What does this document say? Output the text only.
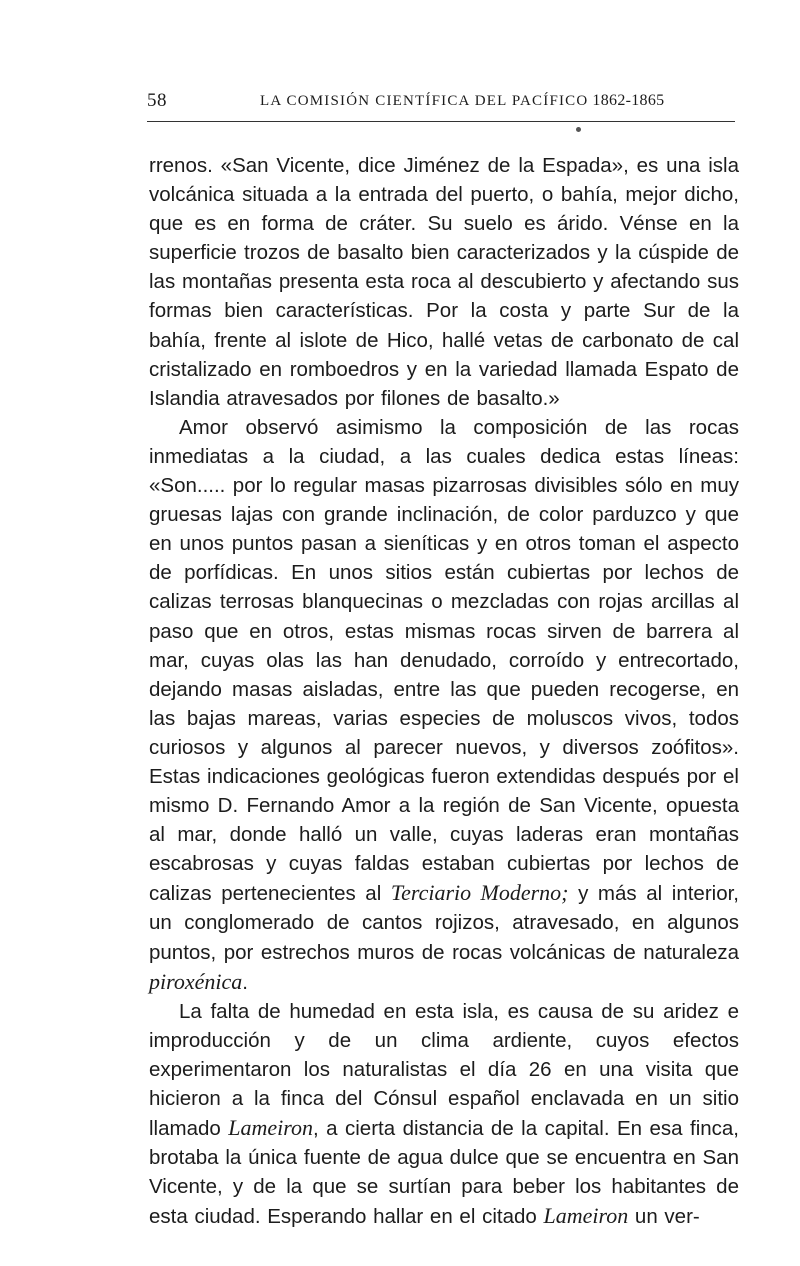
58	LA COMISIÓN CIENTÍFICA DEL PACÍFICO 1862-1865

rrenos. «San Vicente, dice Jiménez de la Espada», es una isla volcánica situada a la entrada del puerto, o bahía, mejor dicho, que es en forma de cráter. Su suelo es árido. Vénse en la superficie trozos de basalto bien caracterizados y la cúspide de las montañas presenta esta roca al descubierto y afectando sus formas bien características. Por la costa y parte Sur de la bahía, frente al islote de Hico, hallé vetas de carbonato de cal cristalizado en romboedros y en la variedad llamada Espato de Islandia atravesados por filones de basalto.»

Amor observó asimismo la composición de las rocas inmediatas a la ciudad, a las cuales dedica estas líneas: «Son..... por lo regular masas pizarrosas divisibles sólo en muy gruesas lajas con grande inclinación, de color parduzco y que en unos puntos pasan a sieníticas y en otros toman el aspecto de porfídicas. En unos sitios están cubiertas por lechos de calizas terrosas blanquecinas o mezcladas con rojas arcillas al paso que en otros, estas mismas rocas sirven de barrera al mar, cuyas olas las han denudado, corroído y entrecortado, dejando masas aisladas, entre las que pueden recogerse, en las bajas mareas, varias especies de moluscos vivos, todos curiosos y algunos al parecer nuevos, y diversos zoófitos». Estas indicaciones geológicas fueron extendidas después por el mismo D. Fernando Amor a la región de San Vicente, opuesta al mar, donde halló un valle, cuyas laderas eran montañas escabrosas y cuyas faldas estaban cubiertas por lechos de calizas pertenecientes al Terciario Moderno; y más al interior, un conglomerado de cantos rojizos, atravesado, en algunos puntos, por estrechos muros de rocas volcánicas de naturaleza piroxénica.

La falta de humedad en esta isla, es causa de su aridez e improducción y de un clima ardiente, cuyos efectos experimentaron los naturalistas el día 26 en una visita que hicieron a la finca del Cónsul español enclavada en un sitio llamado Lameiron, a cierta distancia de la capital. En esa finca, brotaba la única fuente de agua dulce que se encuentra en San Vicente, y de la que se surtían para beber los habitantes de esta ciudad. Esperando hallar en el citado Lameiron un ver-
